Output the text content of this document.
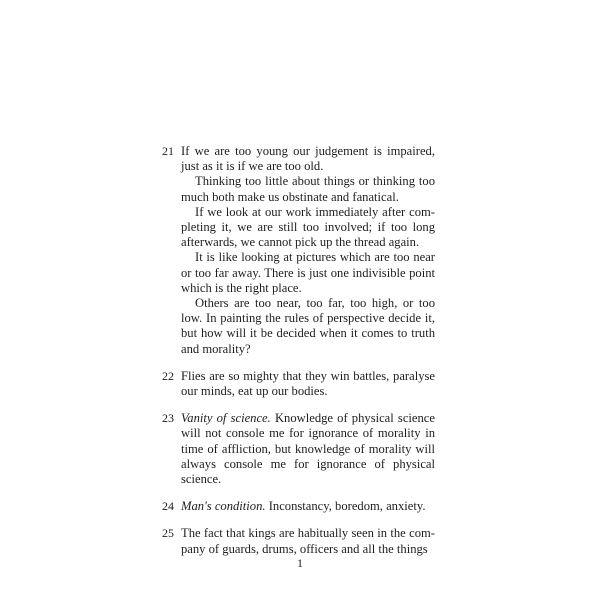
21 If we are too young our judgement is impaired, just as it is if we are too old.

Thinking too little about things or thinking too much both make us obstinate and fanatical.

If we look at our work immediately after completing it, we are still too involved; if too long afterwards, we cannot pick up the thread again.

It is like looking at pictures which are too near or too far away. There is just one indivisible point which is the right place.

Others are too near, too far, too high, or too low. In painting the rules of perspective decide it, but how will it be decided when it comes to truth and morality?

22 Flies are so mighty that they win battles, paralyse our minds, eat up our bodies.

23 Vanity of science. Knowledge of physical science will not console me for ignorance of morality in time of affliction, but knowledge of morality will always console me for ignorance of physical science.

24 Man's condition. Inconstancy, boredom, anxiety.

25 The fact that kings are habitually seen in the company of guards, drums, officers and all the things

1
